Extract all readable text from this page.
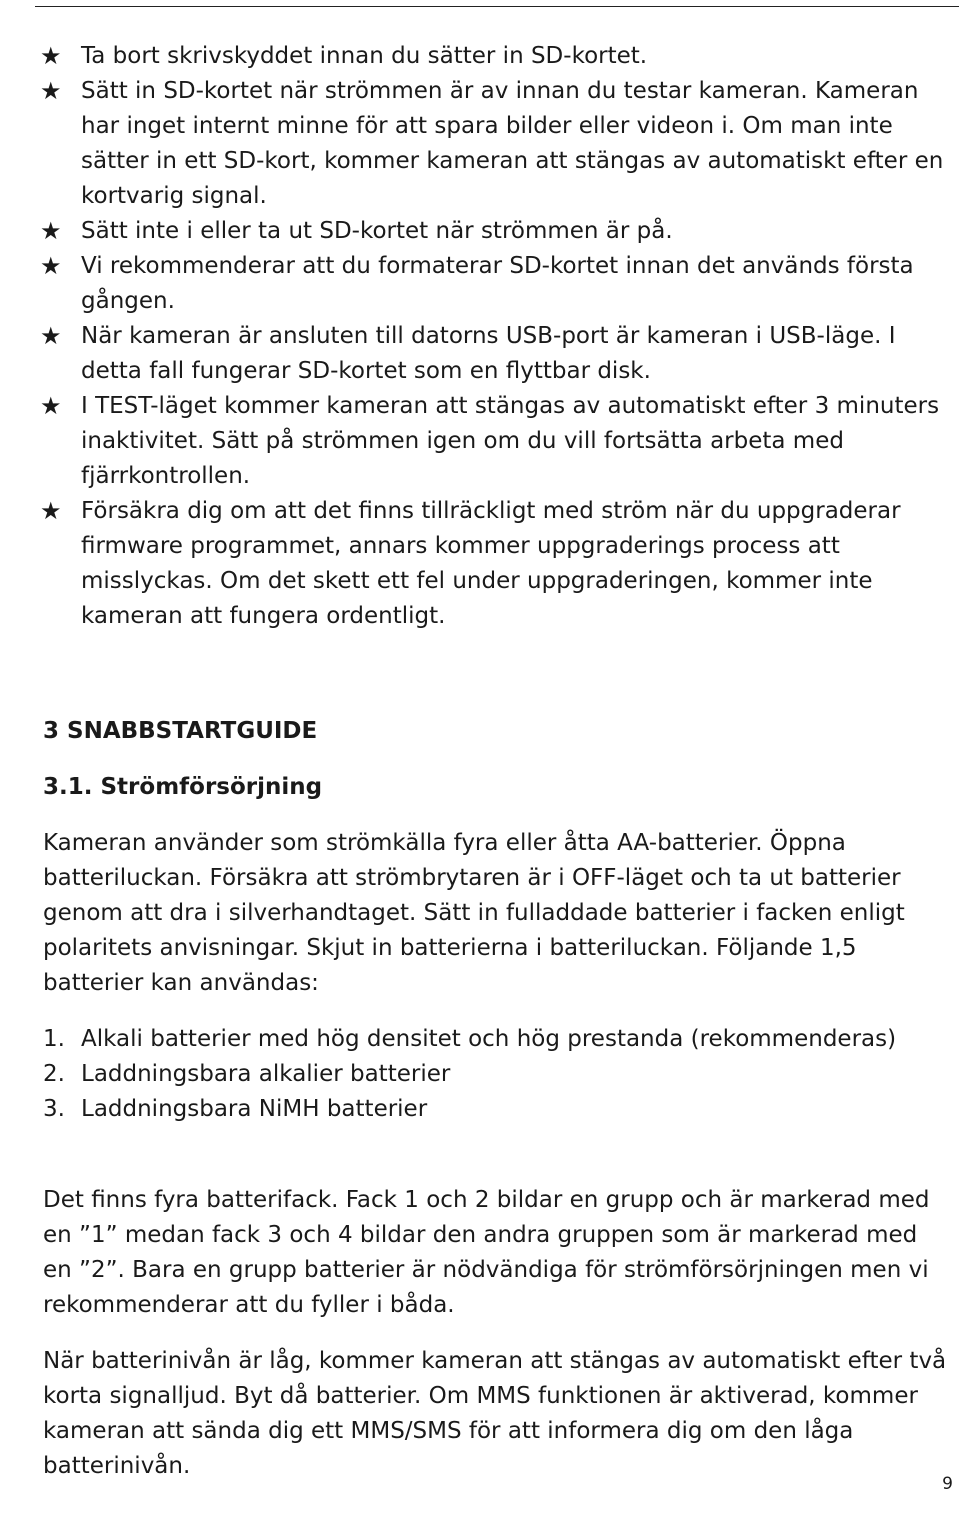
★ Ta bort skrivskyddet innan du sätter in SD-kortet.
★ Sätt in SD-kortet när strömmen är av innan du testar kameran. Kameran har inget internt minne för att spara bilder eller videon i. Om man inte sätter in ett SD-kort, kommer kameran att stängas av automatiskt efter en kortvarig signal.
★ Sätt inte i eller ta ut SD-kortet när strömmen är på.
★ Vi rekommenderar att du formaterar SD-kortet innan det används första gången.
★ När kameran är ansluten till datorns USB-port är kameran i USB-läge. I detta fall fungerar SD-kortet som en flyttbar disk.
★ I TEST-läget kommer kameran att stängas av automatiskt efter 3 minuters inaktivitet. Sätt på strömmen igen om du vill fortsätta arbeta med fjärrkontrollen.
★ Försäkra dig om att det finns tillräckligt med ström när du uppgraderar firmware programmet, annars kommer uppgraderings process att misslyckas. Om det skett ett fel under uppgraderingen, kommer inte kameran att fungera ordentligt.
3 SNABBSTARTGUIDE
3.1. Strömförsörjning

Kameran använder som strömkälla fyra eller åtta AA-batterier. Öppna batteriluckan. Försäkra att strömbrytaren är i OFF-läget och ta ut batterier genom att dra i silverhandtaget. Sätt in fulladdade batterier i facken enligt polaritets anvisningar. Skjut in batterierna i batteriluckan. Följande 1,5 batterier kan användas:

1. Alkali batterier med hög densitet och hög prestanda (rekommenderas)
2. Laddningsbara alkalier batterier
3. Laddningsbara NiMH batterier

Det finns fyra batterifack. Fack 1 och 2 bildar en grupp och är markerad med en ”1” medan fack 3 och 4 bildar den andra gruppen som är markerad med en ”2”. Bara en grupp batterier är nödvändiga för strömförsörjningen men vi rekommenderar att du fyller i båda.

När batterinivån är låg, kommer kameran att stängas av automatiskt efter två korta signalljud. Byt då batterier. Om MMS funktionen är aktiverad, kommer kameran att sända dig ett MMS/SMS för att informera dig om den låga batterinivån.

9
